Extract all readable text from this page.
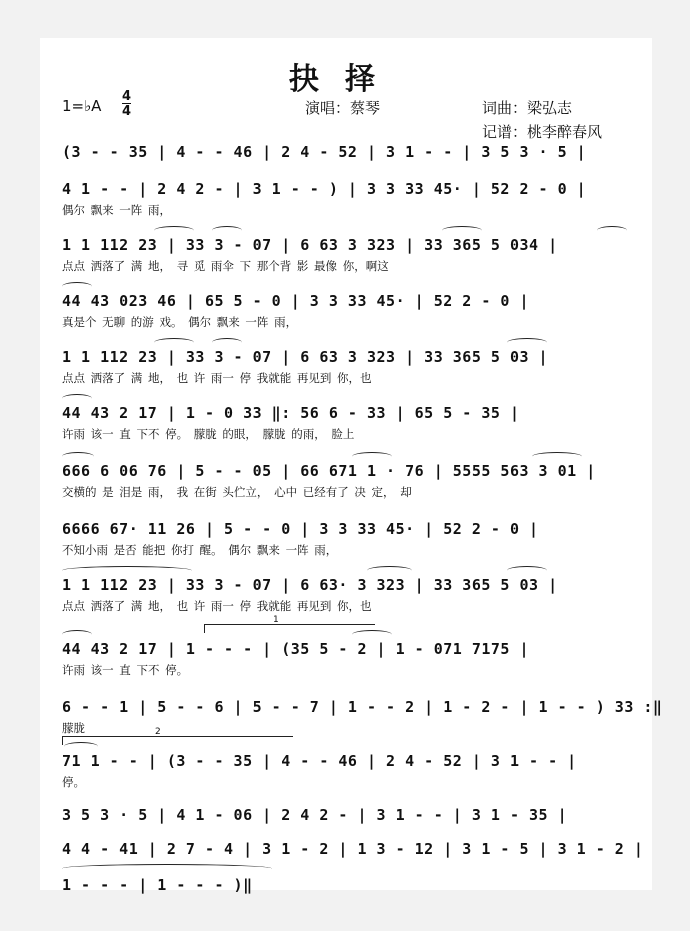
抉择
1=♭A $\frac{4}{4}$	演唱：蔡琴	词曲：梁弘志
记谱：桃李醉春风
(3 - - 35 | 4 - - 46 | 2 4 - 52 | 3 1 - - | 3 5 3 · 5 |
4 1 - - | 2 4 2 - | 3 1 - - ) | 3 3 33 45· | 52 2 - 0 |
偶尔 飘来 一阵 雨，
1 1 112 23 | 33 3 - 07 | 6 63 3 323 | 33 365 5 034 |
点点 洒落了 满 地， 寻 觅 雨伞 下 那个背 影 最像 你，啊这
44 43 023 46 | 65 5 - 0 | 3 3 33 45· | 52 2 - 0 |
真是个 无聊 的游 戏。 偶尔 飘来 一阵 雨，
1 1 112 23 | 33 3 - 07 | 6 63 3 323 | 33 365 5 03 |
点点 洒落了 满 地， 也 许 雨一 停 我就能 再见到 你，也
44 43 2 17 | 1 - 0 33 ‖: 56 6 - 33 | 65 5 - 35 |
许雨 该一 直 下不 停。 朦胧 的眼， 朦胧 的雨， 脸上
666 6 06 76 | 5 - - 05 | 66 671 1 · 76 | 5555 563 3 01 |
交横的 是 泪是 雨， 我 在街 头伫立， 心中 已经有了 决 定， 却
6666 67· 11 26 | 5 - - 0 | 3 3 33 45· | 52 2 - 0 |
不知小雨 是否 能把 你打 醒。 偶尔 飘来 一阵 雨，
1 1 112 23 | 33 3 - 07 | 6 63· 3 323 | 33 365 5 03 |
点点 洒落了 满 地， 也 许 雨一 停 我就能 再见到 你，也
1
44 43 2 17 | 1 - - - | (35 5 - 2 | 1 - 071 7175 |
许雨 该一 直 下不 停。
6 - - 1 | 5 - - 6 | 5 - - 7 | 1 - - 2 | 1 - 2 - | 1 - - ) 33 :‖
朦胧	2
71 1 - - | (3 - - 35 | 4 - - 46 | 2 4 - 52 | 3 1 - - |
停。
3 5 3 · 5 | 4 1 - 06 | 2 4 2 - | 3 1 - - | 3 1 - 35 |
4 4 - 41 | 2 7 - 4 | 3 1 - 2 | 1 3 - 12 | 3 1 - 5 | 3 1 - 2 |
1 - - - | 1 - - - )‖
